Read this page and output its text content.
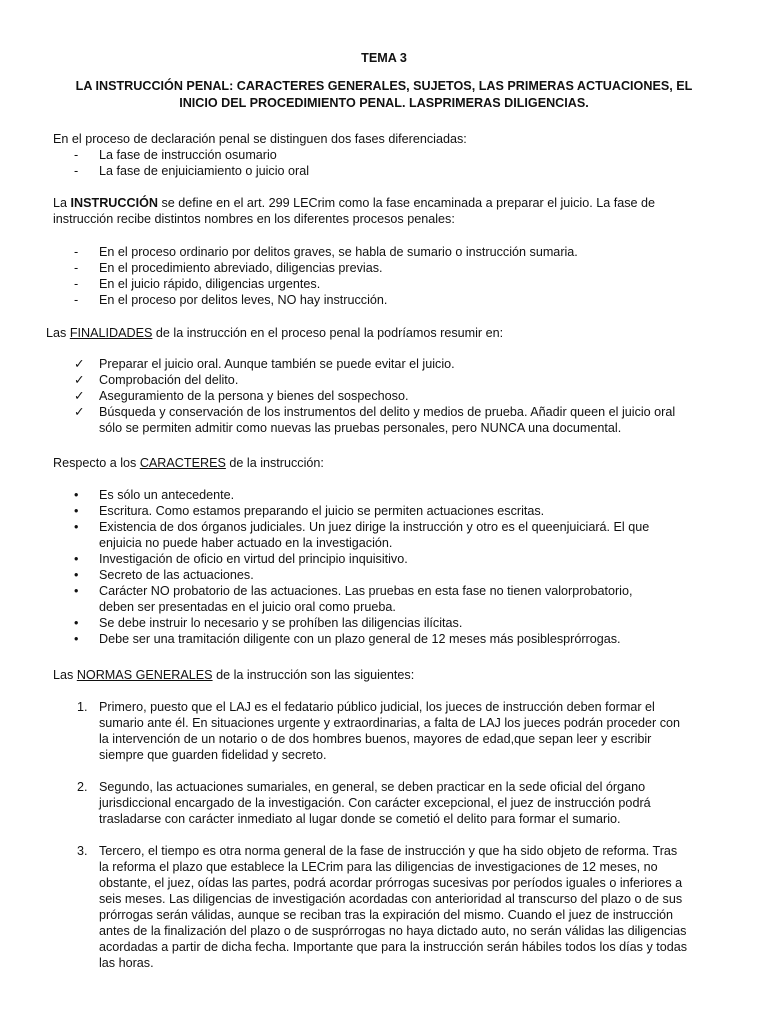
TEMA 3
LA INSTRUCCIÓN PENAL: CARACTERES GENERALES, SUJETOS, LAS PRIMERAS ACTUACIONES, EL
INICIO DEL PROCEDIMIENTO PENAL. LASPRIMERAS DILIGENCIAS.

En el proceso de declaración penal se distinguen dos fases diferenciadas:

-	La fase de instrucción osumario
-	La fase de enjuiciamiento o juicio oral

La INSTRUCCIÓN se define en el art. 299 LECrim como la fase encaminada a preparar el juicio. La fase de
instrucción recibe distintos nombres en los diferentes procesos penales:

-	En el proceso ordinario por delitos graves, se habla de sumario o instrucción sumaria.
-	En el procedimiento abreviado, diligencias previas.
-	En el juicio rápido, diligencias urgentes.
-	En el proceso por delitos leves, NO hay instrucción.

Las FINALIDADES de la instrucción en el proceso penal la podríamos resumir en:

✓	Preparar el juicio oral. Aunque también se puede evitar el juicio.
✓	Comprobación del delito.
✓	Aseguramiento de la persona y bienes del sospechoso.
✓	Búsqueda y conservación de los instrumentos del delito y medios de prueba. Añadir queen el juicio oral
sólo se permiten admitir como nuevas las pruebas personales, pero NUNCA una documental.

Respecto a los CARACTERES de la instrucción:

•	Es sólo un antecedente.
•	Escritura. Como estamos preparando el juicio se permiten actuaciones escritas.
•	Existencia de dos órganos judiciales. Un juez dirige la instrucción y otro es el queenjuiciará. El que
enjuicia no puede haber actuado en la investigación.
•	Investigación de oficio en virtud del principio inquisitivo.
•	Secreto de las actuaciones.
•	Carácter NO probatorio de las actuaciones. Las pruebas en esta fase no tienen valorprobatorio,
deben ser presentadas en el juicio oral como prueba.
•	Se debe instruir lo necesario y se prohíben las diligencias ilícitas.
•	Debe ser una tramitación diligente con un plazo general de 12 meses más posiblesprórrogas.

Las NORMAS GENERALES de la instrucción son las siguientes:

1. Primero, puesto que el LAJ es el fedatario público judicial, los jueces de instrucción deben formar el
sumario ante él. En situaciones urgente y extraordinarias, a falta de LAJ los jueces podrán proceder con
la intervención de un notario o de dos hombres buenos, mayores de edad,que sepan leer y escribir
siempre que guarden fidelidad y secreto.
2. Segundo, las actuaciones sumariales, en general, se deben practicar en la sede oficial del órgano
jurisdiccional encargado de la investigación. Con carácter excepcional, el juez de instrucción podrá
trasladarse con carácter inmediato al lugar donde se cometió el delito para formar el sumario.
3. Tercero, el tiempo es otra norma general de la fase de instrucción y que ha sido objeto de reforma. Tras
la reforma el plazo que establece la LECrim para las diligencias de investigaciones de 12 meses, no
obstante, el juez, oídas las partes, podrá acordar prórrogas sucesivas por períodos iguales o inferiores a
seis meses. Las diligencias de investigación acordadas con anterioridad al transcurso del plazo o de sus
prórrogas serán válidas, aunque se reciban tras la expiración del mismo. Cuando el juez de instrucción
antes de la finalización del plazo o de susprórrogas no haya dictado auto, no serán válidas las diligencias
acordadas a partir de dicha fecha. Importante que para la instrucción serán hábiles todos los días y todas
las horas.
